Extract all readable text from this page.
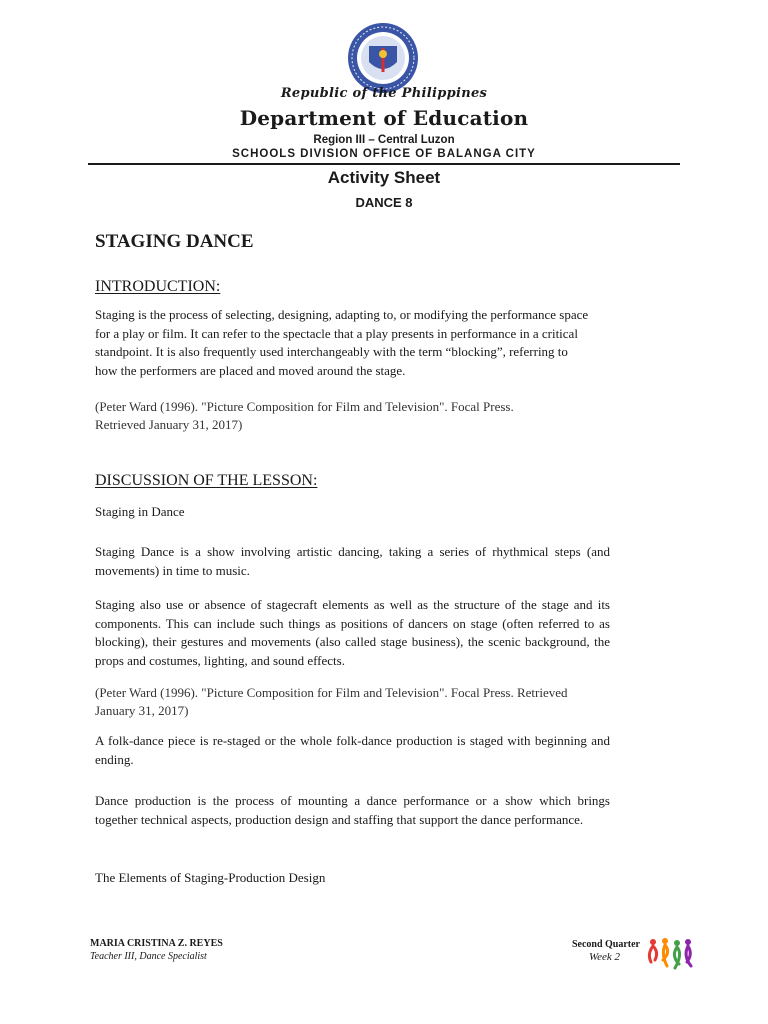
Republic of the Philippines
Department of Education
Region III – Central Luzon
SCHOOLS DIVISION OFFICE OF BALANGA CITY
Activity Sheet
DANCE 8
STAGING DANCE
INTRODUCTION:
Staging is the process of selecting, designing, adapting to, or modifying the performance space
for a play or film. It can refer to the spectacle that a play presents in performance in a critical
standpoint. It is also frequently used interchangeably with the term “blocking”, referring to
how the performers are placed and moved around the stage.
(Peter Ward (1996). "Picture Composition for Film and Television". Focal Press.
Retrieved January 31, 2017)
DISCUSSION OF THE LESSON:
Staging in Dance
Staging Dance is a show involving artistic dancing, taking a series of rhythmical steps (and movements) in time to music.
Staging also use or absence of stagecraft elements as well as the structure of the stage and its components. This can include such things as positions of dancers on stage (often referred to as blocking), their gestures and movements (also called stage business), the scenic background, the props and costumes, lighting, and sound effects.
(Peter Ward (1996). "Picture Composition for Film and Television". Focal Press. Retrieved
January 31, 2017)
A folk-dance piece is re-staged or the whole folk-dance production is staged with beginning and ending.
Dance production is the process of mounting a dance performance or a show which brings together technical aspects, production design and staffing that support the dance performance.
The Elements of Staging-Production Design
MARIA CRISTINA Z. REYES
Teacher III, Dance Specialist
Second Quarter
Week 2
